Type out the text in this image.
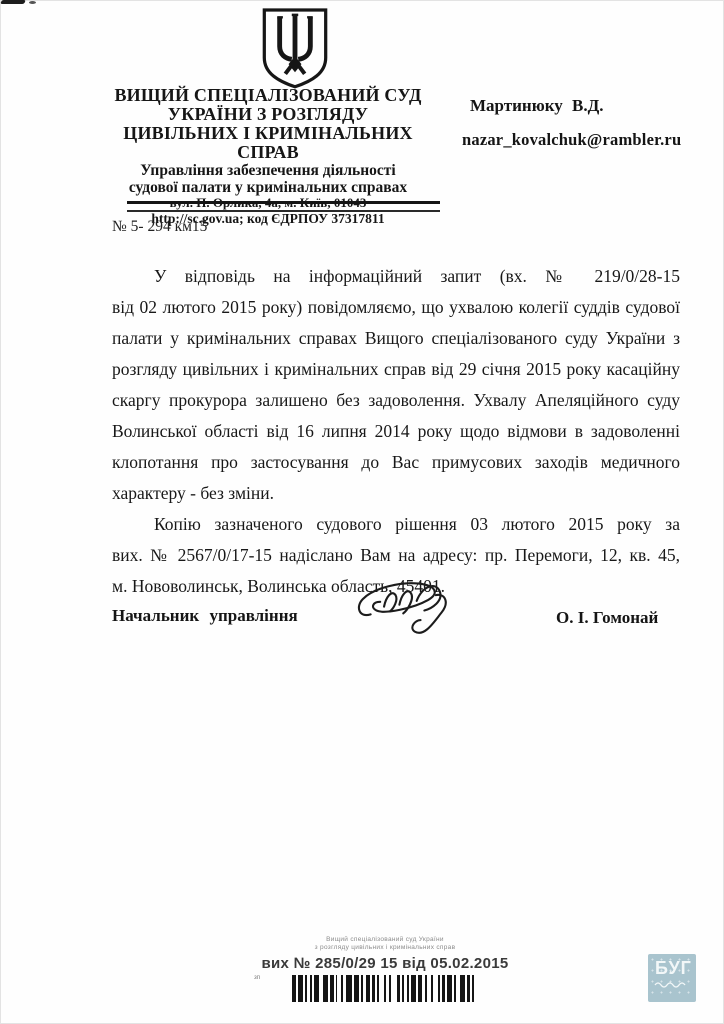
ВИЩИЙ СПЕЦІАЛІЗОВАНИЙ СУД
УКРАЇНИ З РОЗГЛЯДУ
ЦИВІЛЬНИХ І КРИМІНАЛЬНИХ СПРАВ
Управління забезпечення діяльності
судової палати у кримінальних справах
вул. П. Орлика, 4а, м. Київ, 01043
http://sc.gov.ua; код ЄДРПОУ 37317811
Мартинюку В.Д.
nazar_kovalchuk@rambler.ru
№ 5- 294 км15
У відповідь на інформаційний запит (вх. № 219/0/28-15
від 02 лютого 2015 року) повідомляємо, що ухвалою колегії суддів судової
палати у кримінальних справах Вищого спеціалізованого суду України з
розгляду цивільних і кримінальних справ від 29 січня 2015 року касаційну
скаргу прокурора залишено без задоволення. Ухвалу Апеляційного суду
Волинської області від 16 липня 2014 року щодо відмови в задоволенні
клопотання про застосування до Вас примусових заходів медичного
характеру - без зміни.
Копію зазначеного судового рішення 03 лютого 2015 року за
вих. № 2567/0/17-15 надіслано Вам на адресу: пр. Перемоги, 12, кв. 45,
м. Нововолинськ, Волинська область, 45401.
Начальник управління	О. І. Гомонай
Вищий спеціалізований суд України
з розгляду цивільних і кримінальних справ
вих № 285/0/29 15 від 05.02.2015
зп	БУГ
